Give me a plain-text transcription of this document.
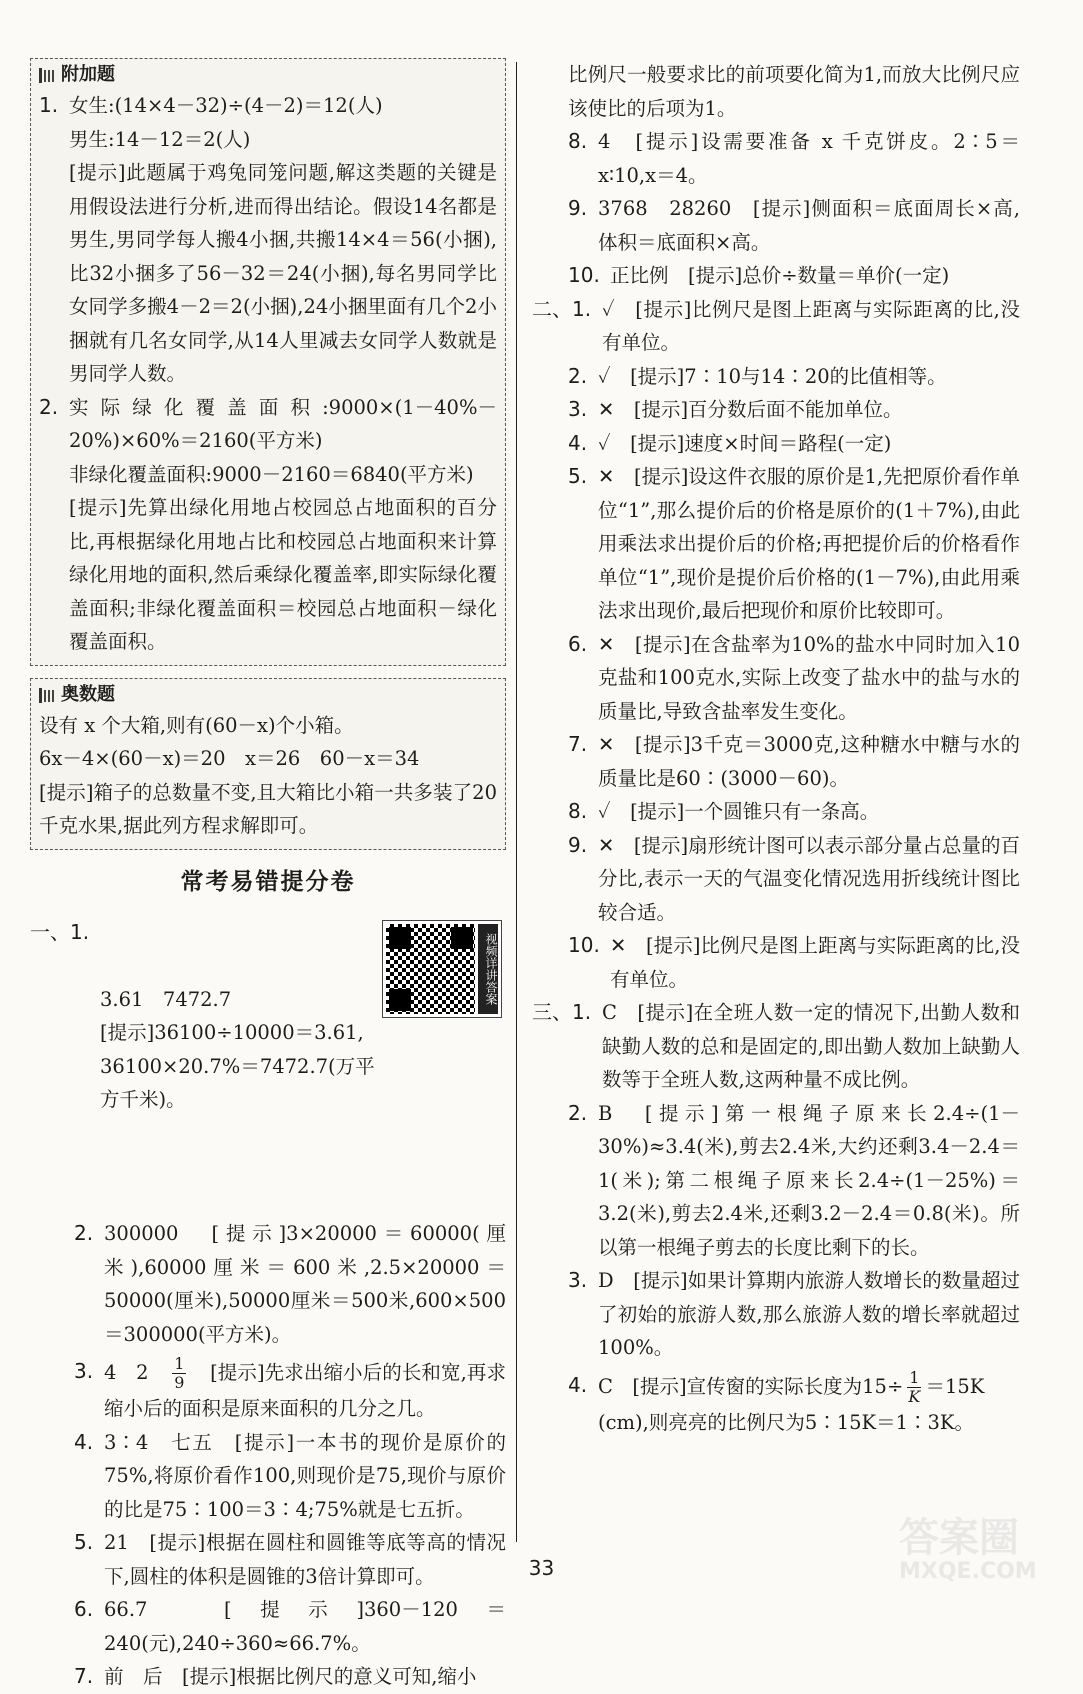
附加题
1. 女生:(14×4－32)÷(4－2)＝12(人)
男生:14－12＝2(人)
[提示]此题属于鸡兔同笼问题,解这类题的关键是用假设法进行分析,进而得出结论。假设14名都是男生,男同学每人搬4小捆,共搬14×4＝56(小捆),比32小捆多了56－32＝24(小捆),每名男同学比女同学多搬4－2＝2(小捆),24小捆里面有几个2小捆就有几名女同学,从14人里减去女同学人数就是男同学人数。
2. 实际绿化覆盖面积:9000×(1－40%－20%)×60%＝2160(平方米)
非绿化覆盖面积:9000－2160＝6840(平方米)
[提示]先算出绿化用地占校园总占地面积的百分比,再根据绿化用地占比和校园总占地面积来计算绿化用地的面积,然后乘绿化覆盖率,即实际绿化覆盖面积;非绿化覆盖面积＝校园总占地面积－绿化覆盖面积。
奥数题
设有 x 个大箱,则有(60－x)个小箱。
6x－4×(60－x)＝20　x＝26　60－x＝34
[提示]箱子的总数量不变,且大箱比小箱一共多装了20千克水果,据此列方程求解即可。
常考易错提分卷
一、 1.

3.61　7472.7
[提示]36100÷10000＝3.61,
36100×20.7%＝7472.7(万平
方千米)。

视频详讲答案

2. 300000　[提示]3×20000＝60000(厘米),60000厘米＝600米,2.5×20000＝50000(厘米),50000厘米＝500米,600×500＝300000(平方米)。
3. 4　2　 $\frac{1}{9}$ 　[提示]先求出缩小后的长和宽,再求缩小后的面积是原来面积的几分之几。
4. 3∶4　七五　[提示]一本书的现价是原价的75%,将原价看作100,则现价是75,现价与原价的比是75∶100＝3∶4;75%就是七五折。
5. 21　[提示]根据在圆柱和圆锥等底等高的情况下,圆柱的体积是圆锥的3倍计算即可。
6. 66.7　[提示]360－120＝240(元),240÷360≈66.7%。
7. 前　后　[提示]根据比例尺的意义可知,缩小
比例尺一般要求比的前项要化简为1,而放大比例尺应该使比的后项为1。
8. 4　[提示]设需要准备 x 千克饼皮。2∶5＝x∶10,x＝4。
9. 3768　28260　[提示]侧面积＝底面周长×高,体积＝底面积×高。
10. 正比例　[提示]总价÷数量＝单价(一定)
二、 1. ✓　[提示]比例尺是图上距离与实际距离的比,没有单位。
2. ✓　[提示]7∶10与14∶20的比值相等。
3. ✕　[提示]百分数后面不能加单位。
4. ✓　[提示]速度×时间＝路程(一定)
5. ✕　[提示]设这件衣服的原价是1,先把原价看作单位“1”,那么提价后的价格是原价的(1＋7%),由此用乘法求出提价后的价格;再把提价后的价格看作单位“1”,现价是提价后价格的(1－7%),由此用乘法求出现价,最后把现价和原价比较即可。
6. ✕　[提示]在含盐率为10%的盐水中同时加入10克盐和100克水,实际上改变了盐水中的盐与水的质量比,导致含盐率发生变化。
7. ✕　[提示]3千克＝3000克,这种糖水中糖与水的质量比是60∶(3000－60)。
8. ✓　[提示]一个圆锥只有一条高。
9. ✕　[提示]扇形统计图可以表示部分量占总量的百分比,表示一天的气温变化情况选用折线统计图比较合适。
10. ✕　[提示]比例尺是图上距离与实际距离的比,没有单位。
三、 1. C　[提示]在全班人数一定的情况下,出勤人数和缺勤人数的总和是固定的,即出勤人数加上缺勤人数等于全班人数,这两种量不成比例。
2. B　[提示]第一根绳子原来长2.4÷(1－30%)≈3.4(米),剪去2.4米,大约还剩3.4－2.4＝1(米);第二根绳子原来长2.4÷(1－25%)＝3.2(米),剪去2.4米,还剩3.2－2.4＝0.8(米)。所以第一根绳子剪去的长度比剩下的长。
3. D　[提示]如果计算期内旅游人数增长的数量超过了初始的旅游人数,那么旅游人数的增长率就超过100%。
4. C　[提示]宣传窗的实际长度为$15\div \frac{1}{K} =15K$
(cm),则亮亮的比例尺为5∶15K＝1∶3K。
33
答案圈
MXQE.COM
